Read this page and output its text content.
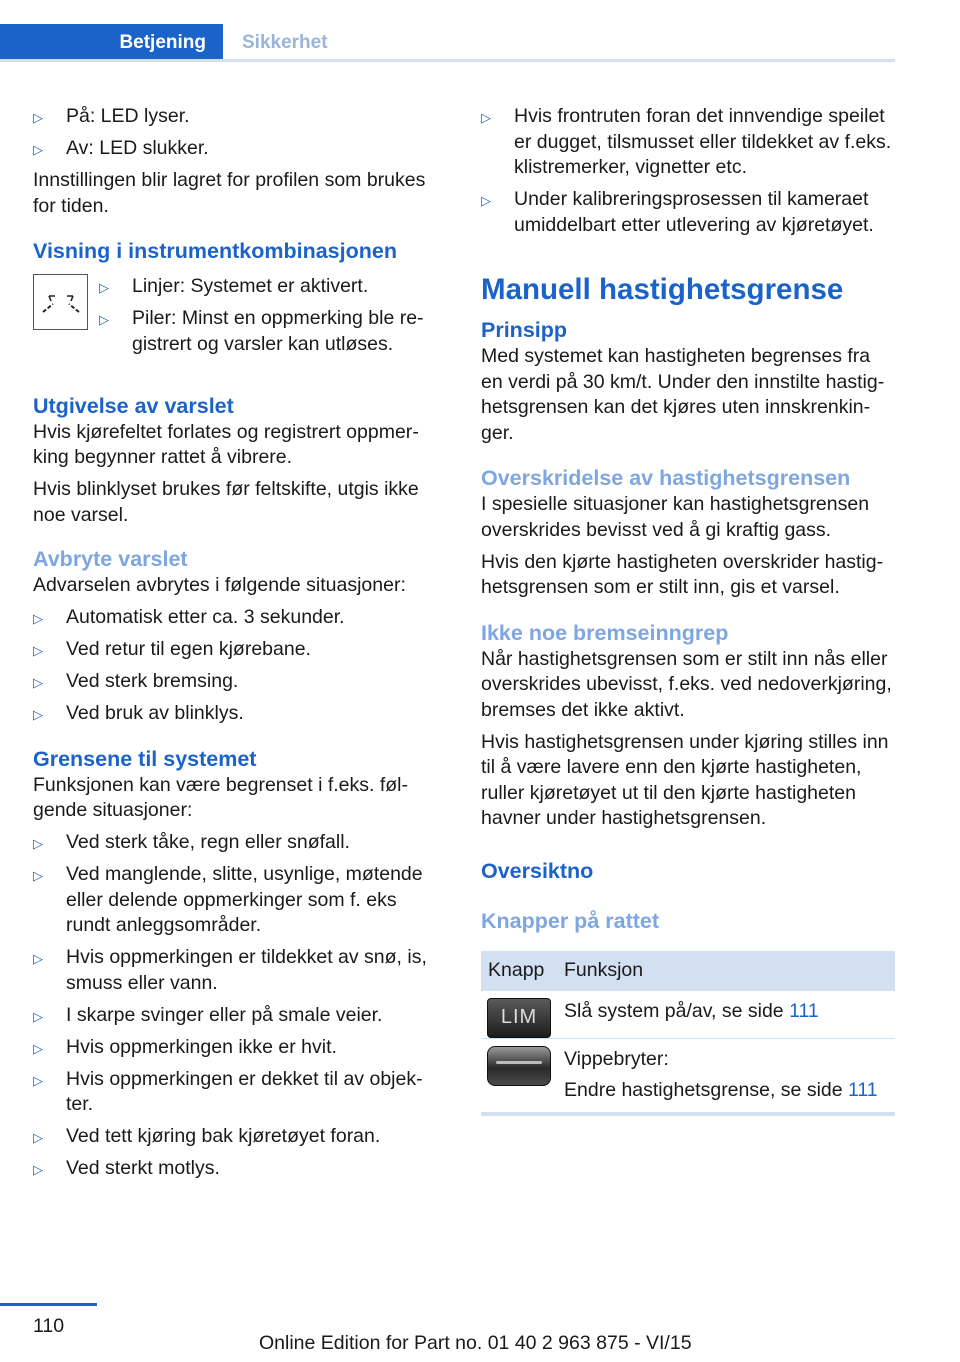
Betjening	Sikkerhet
▷ På: LED lyser.
▷ Av: LED slukker.

Innstillingen blir lagret for profilen som brukes for tiden.

Visning i instrumentkombinasjonen
▷ Linjer: Systemet er aktivert.
▷ Piler: Minst en oppmerking ble registrert og varsler kan utløses.
Utgivelse av varslet

Hvis kjørefeltet forlates og registrert oppmerking begynner rattet å vibrere.

Hvis blinklyset brukes før feltskifte, utgis ikke noe varsel.

Avbryte varslet

Advarselen avbrytes i følgende situasjoner:

▷ Automatisk etter ca. 3 sekunder.
▷ Ved retur til egen kjørebane.
▷ Ved sterk bremsing.
▷ Ved bruk av blinklys.
Grensene til systemet

Funksjonen kan være begrenset i f.eks. følgende situasjoner:

▷ Ved sterk tåke, regn eller snøfall.
▷ Ved manglende, slitte, usynlige, møtende eller delende oppmerkinger som f. eks rundt anleggsområder.
▷ Hvis oppmerkingen er tildekket av snø, is, smuss eller vann.
▷ I skarpe svinger eller på smale veier.
▷ Hvis oppmerkingen ikke er hvit.
▷ Hvis oppmerkingen er dekket til av objekter.
▷ Ved tett kjøring bak kjøretøyet foran.
▷ Ved sterkt motlys.
▷ Hvis frontruten foran det innvendige speilet er dugget, tilsmusset eller tildekket av f.eks. klistremerker, vignetter etc.
▷ Under kalibreringsprosessen til kameraet umiddelbart etter utlevering av kjøretøyet.
Manuell hastighetsgrense
Prinsipp

Med systemet kan hastigheten begrenses fra en verdi på 30 km/t. Under den innstilte hastighetsgrensen kan det kjøres uten innskrenkinger.

Overskridelse av hastighetsgrensen

I spesielle situasjoner kan hastighetsgrensen overskrides bevisst ved å gi kraftig gass.

Hvis den kjørte hastigheten overskrider hastighetsgrensen som er stilt inn, gis et varsel.

Ikke noe bremseinngrep

Når hastighetsgrensen som er stilt inn nås eller overskrides ubevisst, f.eks. ved nedoverkjøring, bremses det ikke aktivt.

Hvis hastighetsgrensen under kjøring stilles inn til å være lavere enn den kjørte hastigheten, ruller kjøretøyet ut til den kjørte hastigheten havner under hastighetsgrensen.

Oversiktno
Knapper på rattet
Knapp	Funksjon

LIM	Slå system på/av, se side 111

	Vippebryter:
Endre hastighetsgrense, se side 111
110
Online Edition for Part no. 01 40 2 963 875 - VI/15
